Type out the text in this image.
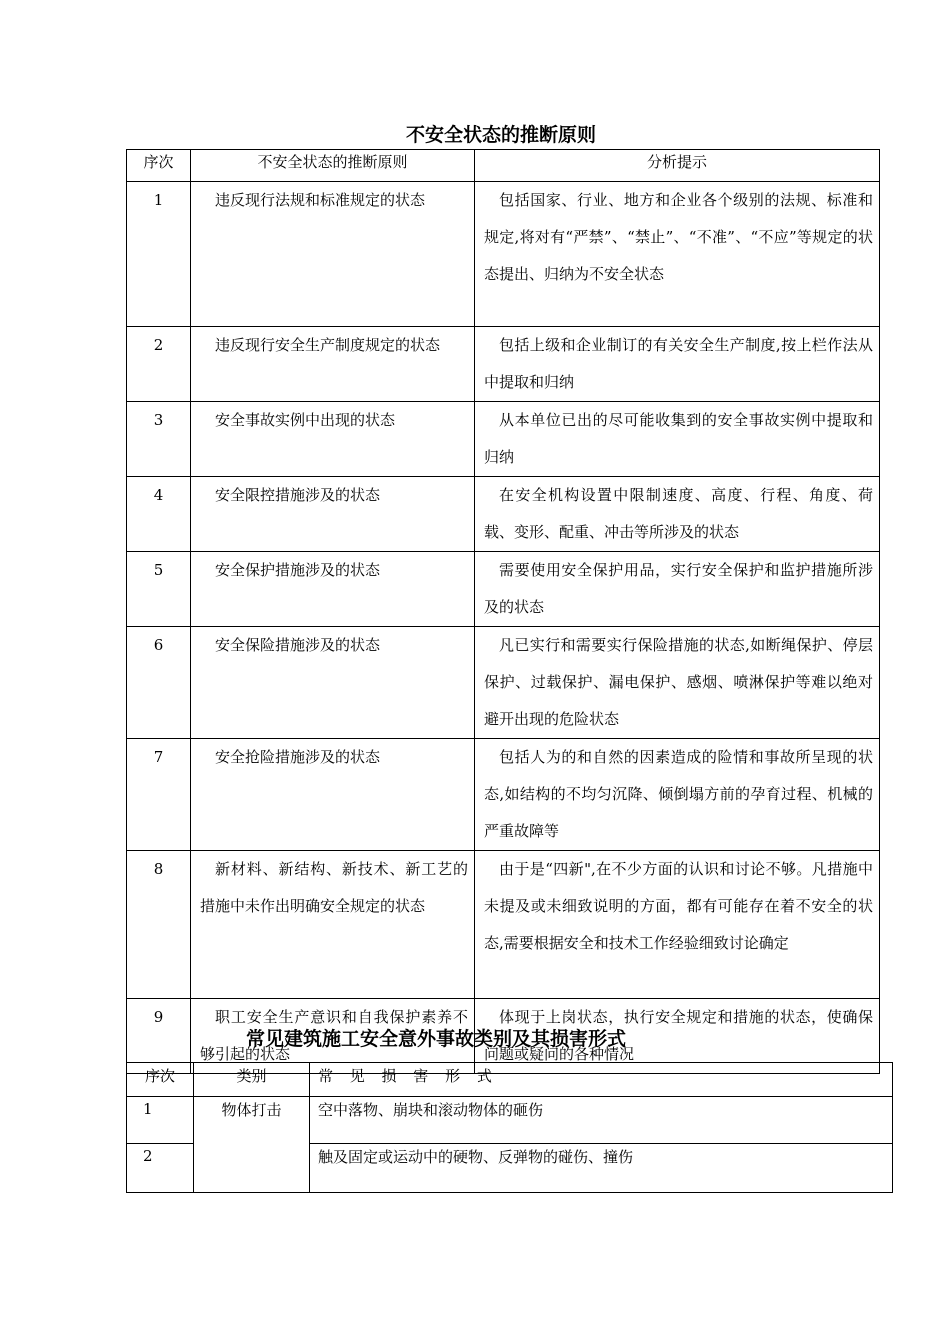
不安全状态的推断原则
序次	不安全状态的推断原则	分析提示
1	违反现行法规和标准规定的状态	包括国家、行业、地方和企业各个级别的法规、标准和规定,将对有“严禁”、“禁止”、“不准”、“不应”等规定的状态提出、归纳为不安全状态
2	违反现行安全生产制度规定的状态	包括上级和企业制订的有关安全生产制度,按上栏作法从中提取和归纳
3	安全事故实例中出现的状态	从本单位已出的尽可能收集到的安全事故实例中提取和归纳
4	安全限控措施涉及的状态	在安全机构设置中限制速度、高度、行程、角度、荷载、变形、配重、冲击等所涉及的状态
5	安全保护措施涉及的状态	需要使用安全保护用品，实行安全保护和监护措施所涉及的状态
6	安全保险措施涉及的状态	凡已实行和需要实行保险措施的状态,如断绳保护、停层保护、过载保护、漏电保护、感烟、喷淋保护等难以绝对避开出现的危险状态
7	安全抢险措施涉及的状态	包括人为的和自然的因素造成的险情和事故所呈现的状态,如结构的不均匀沉降、倾倒塌方前的孕育过程、机械的严重故障等
8	新材料、新结构、新技术、新工艺的措施中未作出明确安全规定的状态	由于是“四新",在不少方面的认识和讨论不够。凡措施中未提及或未细致说明的方面，都有可能存在着不安全的状态,需要根据安全和技术工作经验细致讨论确定
9	职工安全生产意识和自我保护素养不够引起的状态	体现于上岗状态，执行安全规定和措施的状态，使确保问题或疑问的各种情况
常见建筑施工安全意外事故类别及其损害形式
序次	类别	常 见 损 害 形 式
1	物体打击	空中落物、崩块和滚动物体的砸伤
2		触及固定或运动中的硬物、反弹物的碰伤、撞伤
